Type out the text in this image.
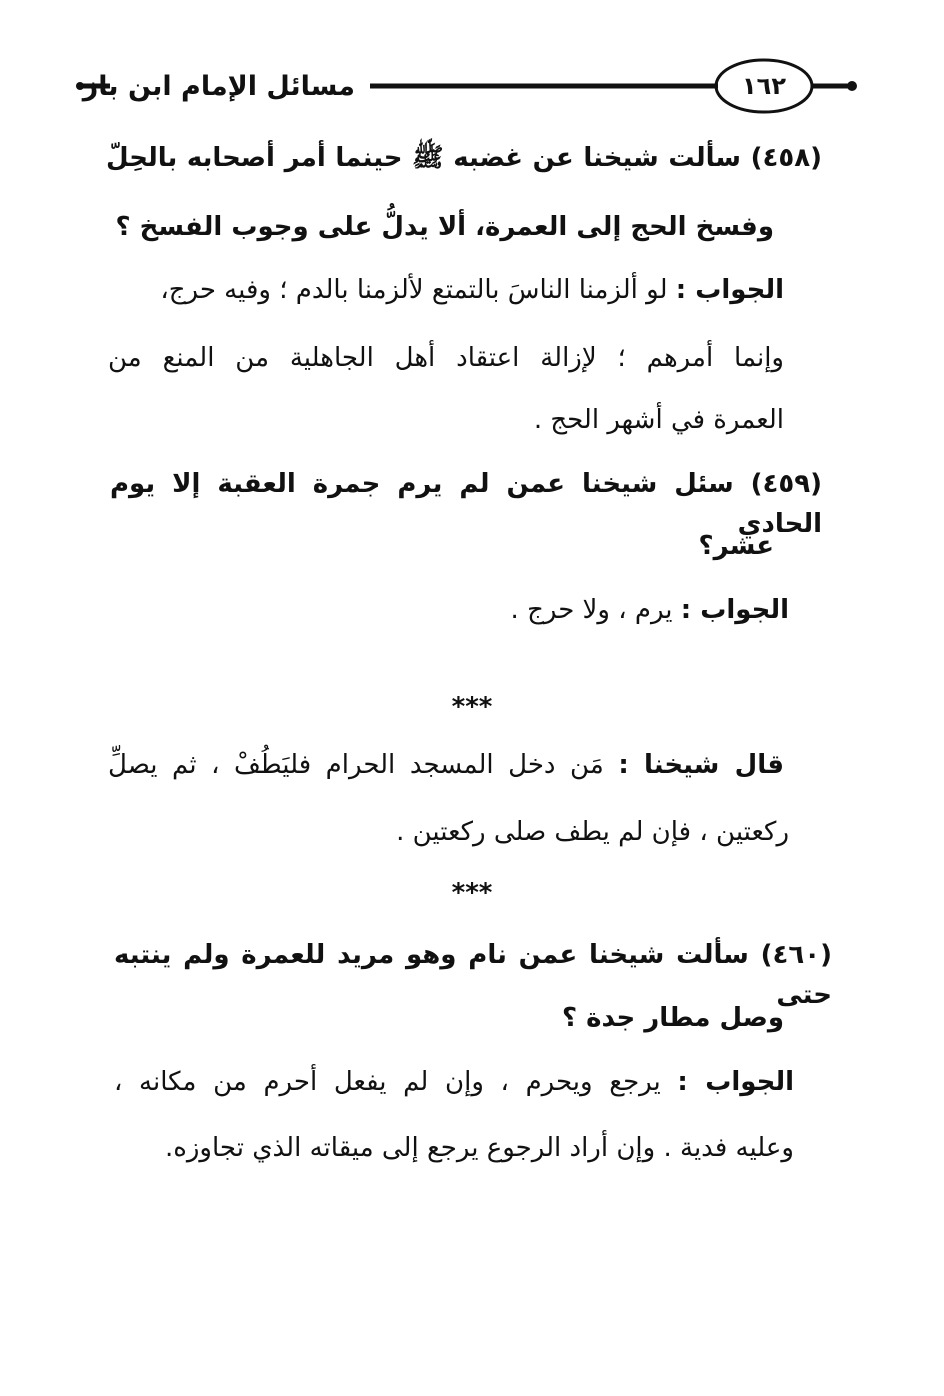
مسائل الإمام ابن باز	١٦٢
(٤٥٨) سألت شيخنا عن غضبه ﷺ حينما أمر أصحابه بالحِلّ
وفسخ الحج إلى العمرة، ألا يدلُّ على وجوب الفسخ ؟
الجواب : لو ألزمنا الناسَ بالتمتع لألزمنا بالدم ؛ وفيه حرج،
وإنما أمرهم ؛ لإزالة اعتقاد أهل الجاهلية من المنع من
العمرة في أشهر الحج .
(٤٥٩) سئل شيخنا عمن لم يرم جمرة العقبة إلا يوم الحادي
عشر؟
الجواب : يرم ، ولا حرج .
***
قال شيخنا : مَن دخل المسجد الحرام فليَطُفْ ، ثم يصلِّ
ركعتين ، فإن لم يطف صلى ركعتين .
***
(٤٦٠) سألت شيخنا عمن نام وهو مريد للعمرة ولم ينتبه حتى
وصل مطار جدة ؟
الجواب : يرجع ويحرم ، وإن لم يفعل أحرم من مكانه ،
وعليه فدية . وإن أراد الرجوع يرجع إلى ميقاته الذي تجاوزه.
